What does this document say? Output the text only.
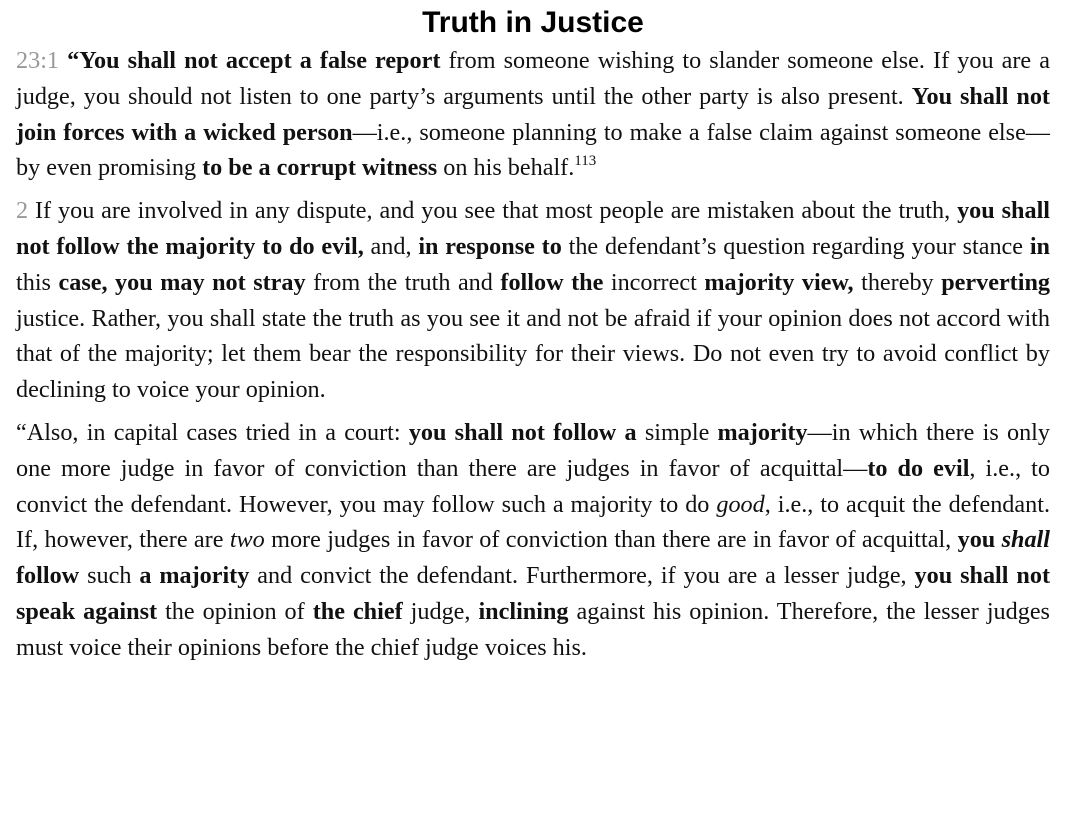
Truth in Justice

23:1 “You shall not accept a false report from someone wishing to slander someone else. If you are a judge, you should not listen to one party’s arguments until the other party is also present. You shall not join forces with a wicked person—i.e., someone planning to make a false claim against someone else—by even promising to be a corrupt witness on his behalf.$^{113}$

2 If you are involved in any dispute, and you see that most people are mistaken about the truth, you shall not follow the majority to do evil, and, in response to the defendant’s question regarding your stance in this case, you may not stray from the truth and follow the incorrect majority view, thereby perverting justice. Rather, you shall state the truth as you see it and not be afraid if your opinion does not accord with that of the majority; let them bear the responsibility for their views. Do not even try to avoid conflict by declining to voice your opinion.

“Also, in capital cases tried in a court: you shall not follow a simple majority—in which there is only one more judge in favor of conviction than there are judges in favor of acquittal—to do evil, i.e., to convict the defendant. However, you may follow such a majority to do good, i.e., to acquit the defendant. If, however, there are two more judges in favor of conviction than there are in favor of acquittal, you shall follow such a majority and convict the defendant. Furthermore, if you are a lesser judge, you shall not speak against the opinion of the chief judge, inclining against his opinion. Therefore, the lesser judges must voice their opinions before the chief judge voices his.
